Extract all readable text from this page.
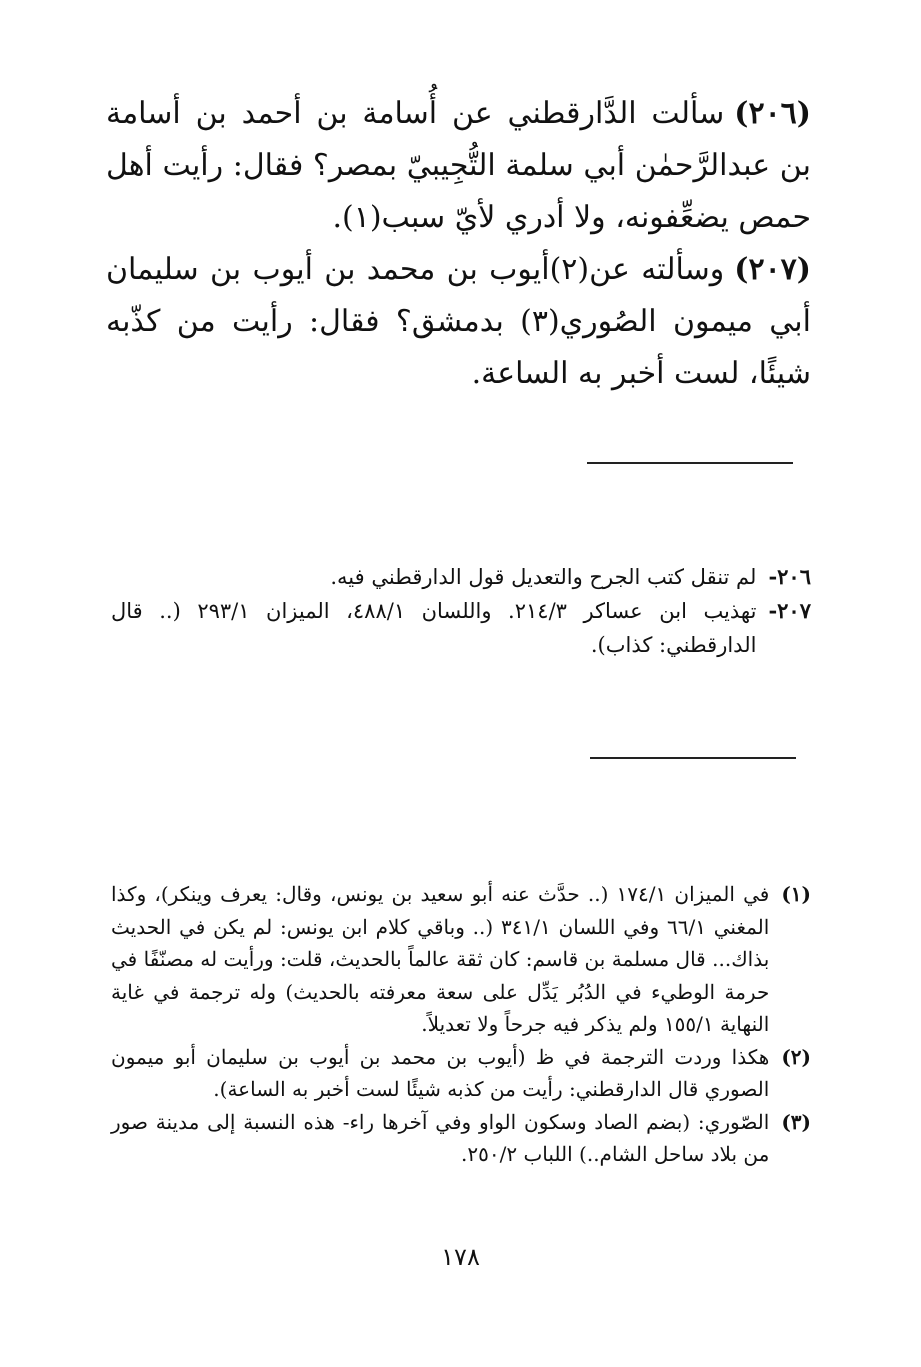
(٢٠٦)سألت الدَّارقطني عن أُسامة بن أحمد بن أسامة بن عبدالرَّحمٰن أبي سلمة التُّجِيبيّ بمصر؟ فقال: رأيت أهل حمص يضعِّفونه، ولا أدري لأيّ سبب(١).
(٢٠٧)وسألته عن(٢)أيوب بن محمد بن أيوب بن سليمان أبي ميمون الصُوري(٣) بدمشق؟ فقال: رأيت من كذّبه شيئًا، لست أخبر به الساعة.
٢٠٦-
لم تنقل كتب الجرح والتعديل قول الدارقطني فيه.
٢٠٧-
تهذيب ابن عساكر ٢١٤/٣. واللسان ٤٨٨/١، الميزان ٢٩٣/١ (.. قال الدارقطني: كذاب).
(١)
في الميزان ١٧٤/١ (.. حدَّث عنه أبو سعيد بن يونس، وقال: يعرف وينكر)، وكذا المغني ٦٦/١ وفي اللسان ٣٤١/١ (.. وباقي كلام ابن يونس: لم يكن في الحديث بذاك... قال مسلمة بن قاسم: كان ثقة عالماً بالحديث، قلت: ورأيت له مصنّفًا في حرمة الوطيء في الدُبُر يَدِّل على سعة معرفته بالحديث) وله ترجمة في غاية النهاية ١٥٥/١ ولم يذكر فيه جرحاً ولا تعديلاً.
(٢)
هكذا وردت الترجمة في ظ (أيوب بن محمد بن أيوب بن سليمان أبو ميمون الصوري قال الدارقطني: رأيت من كذبه شيئًا لست أخبر به الساعة).
(٣)
الصّوري: (بضم الصاد وسكون الواو وفي آخرها راء- هذه النسبة إلى مدينة صور من بلاد ساحل الشام..) اللباب ٢٥٠/٢.
١٧٨
